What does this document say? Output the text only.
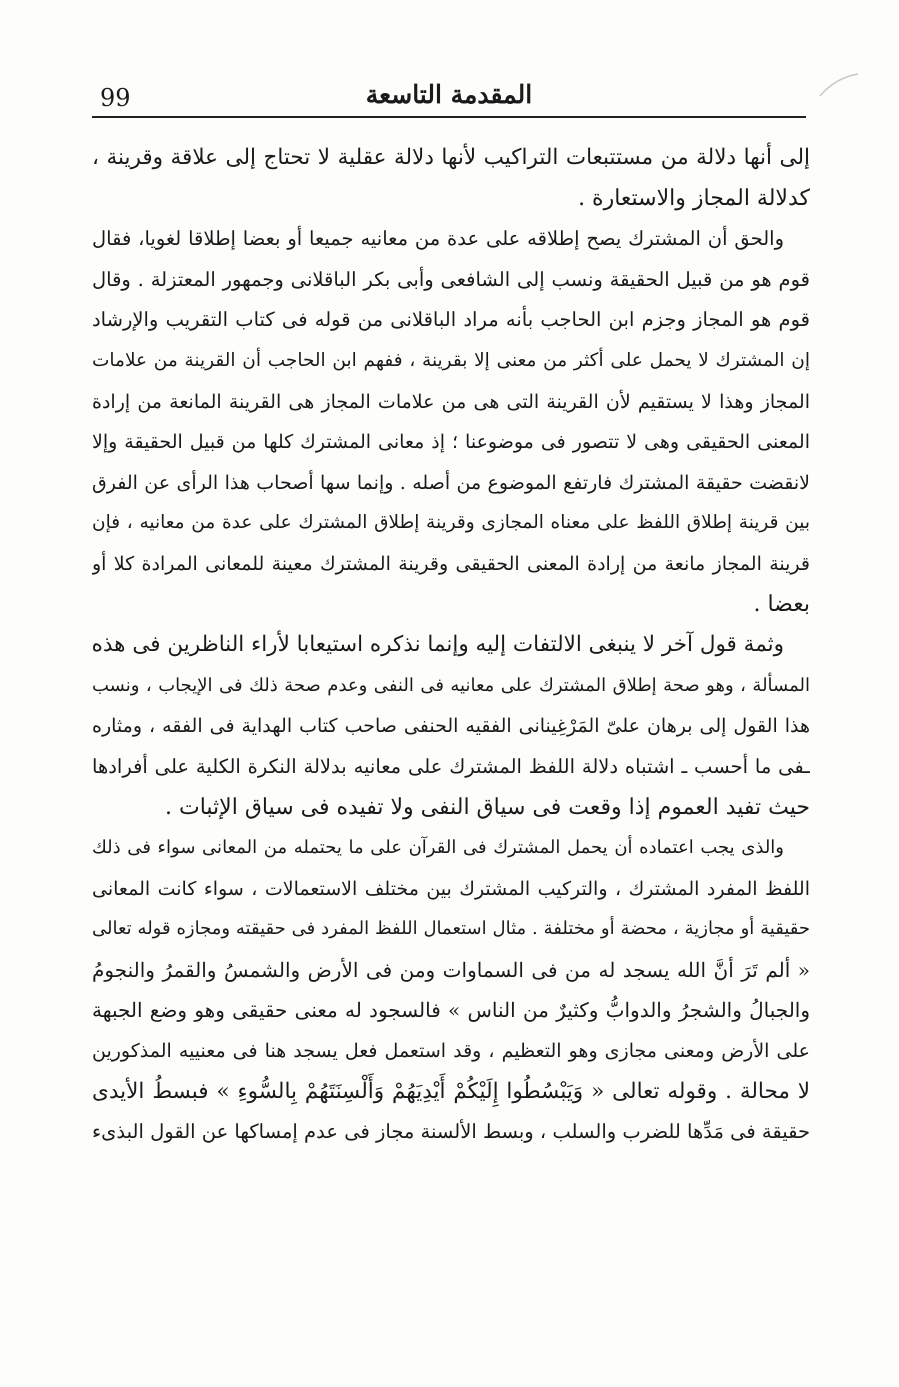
99	المقدمة التاسعة
إلى أنها دلالة من مستتبعات التراكيب لأنها دلالة عقلية لا تحتاج إلى علاقة وقرينة ،
كدلالة المجاز والاستعارة .
والحق أن المشترك يصح إطلاقه على عدة من معانيه جميعا أو بعضا إطلاقا لغويا، فقال
قوم هو من قبيل الحقيقة ونسب إلى الشافعى وأبى بكر الباقلانى وجمهور المعتزلة . وقال
قوم هو المجاز وجزم ابن الحاجب بأنه مراد الباقلانى من قوله فى كتاب التقريب والإرشاد
إن المشترك لا يحمل على أكثر من معنى إلا بقرينة ، ففهم ابن الحاجب أن القرينة من علامات
المجاز وهذا لا يستقيم لأن القرينة التى هى من علامات المجاز هى القرينة المانعة من إرادة
المعنى الحقيقى وهى لا تتصور فى موضوعنا ؛ إذ معانى المشترك كلها من قبيل الحقيقة وإلا
لانقضت حقيقة المشترك فارتفع الموضوع من أصله . وإنما سها أصحاب هذا الرأى عن الفرق
بين قرينة إطلاق اللفظ على معناه المجازى وقرينة إطلاق المشترك على عدة من معانيه ، فإن
قرينة المجاز مانعة من إرادة المعنى الحقيقى وقرينة المشترك معينة للمعانى المرادة كلا أو
بعضا .
وثمة قول آخر لا ينبغى الالتفات إليه وإنما نذكره استيعابا لأراء الناظرين فى هذه
المسألة ، وهو صحة إطلاق المشترك على معانيه فى النفى وعدم صحة ذلك فى الإيجاب ، ونسب
هذا القول إلى برهان علىّ المَرْغِينانى الفقيه الحنفى صاحب كتاب الهداية فى الفقه ، ومثاره
ـفى ما أحسب ـ اشتباه دلالة اللفظ المشترك على معانيه بدلالة النكرة الكلية على أفرادها
حيث تفيد العموم إذا وقعت فى سياق النفى ولا تفيده فى سياق الإثبات .
والذى يجب اعتماده أن يحمل المشترك فى القرآن على ما يحتمله من المعانى سواء فى ذلك
اللفظ المفرد المشترك ، والتركيب المشترك بين مختلف الاستعمالات ، سواء كانت المعانى
حقيقية أو مجازية ، محضة أو مختلفة . مثال استعمال اللفظ المفرد فى حقيقته ومجازه قوله تعالى
« ألم تَرَ أنَّ الله يسجد له من فى السماوات ومن فى الأرض والشمسُ والقمرُ والنجومُ
والجبالُ والشجرُ والدوابُّ وكثيرٌ من الناس » فالسجود له معنى حقيقى وهو وضع الجبهة
على الأرض ومعنى مجازى وهو التعظيم ، وقد استعمل فعل يسجد هنا فى معنييه المذكورين
لا محالة . وقوله تعالى « وَيَبْسُطُوا إِلَيْكُمْ أَيْدِيَهُمْ وَأَلْسِنَتَهُمْ بِالسُّوءِ » فبسطُ الأيدى
حقيقة فى مَدِّها للضرب والسلب ، وبسط الألسنة مجاز فى عدم إمساكها عن القول البذىء
